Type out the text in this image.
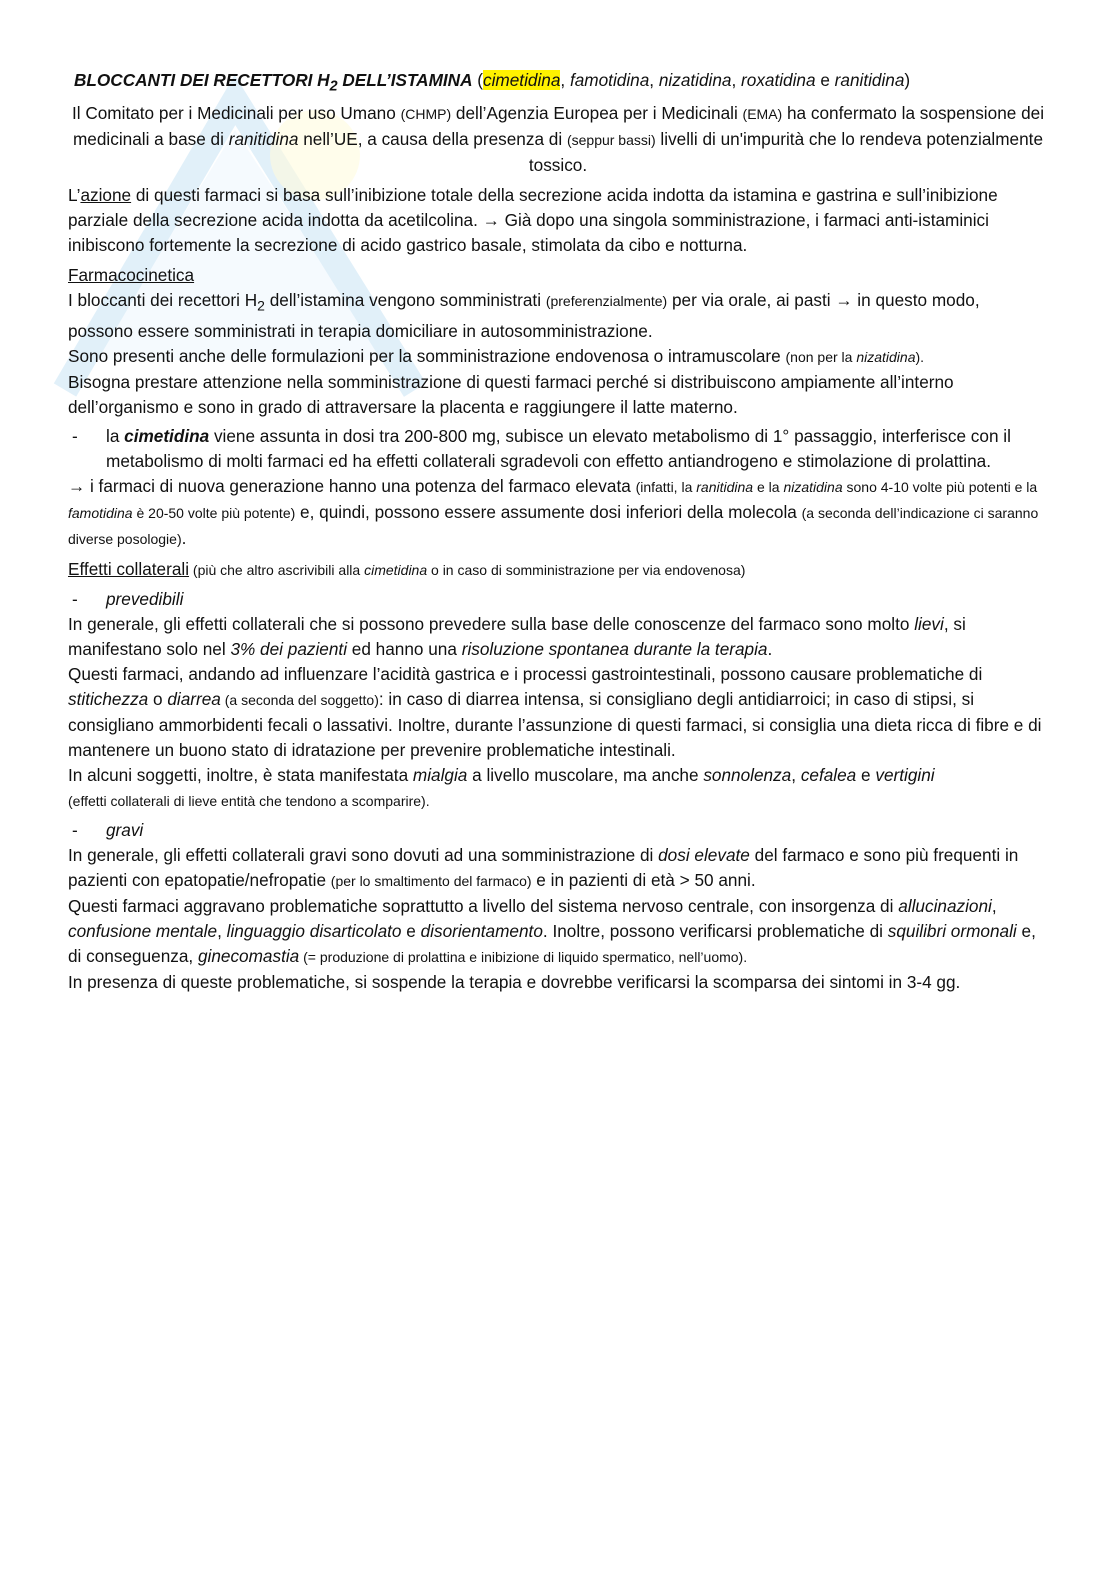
BLOCCANTI DEI RECETTORI $H_2$ DELL’ISTAMINA (cimetidina, famotidina, nizatidina, roxatidina e ranitidina)

Il Comitato per i Medicinali per uso Umano (CHMP) dell’Agenzia Europea per i Medicinali (EMA) ha confermato la sospensione dei medicinali a base di ranitidina nell’UE, a causa della presenza di (seppur bassi) livelli di un'impurità che lo rendeva potenzialmente tossico.

L’azione di questi farmaci si basa sull’inibizione totale della secrezione acida indotta da istamina e gastrina e sull’inibizione parziale della secrezione acida indotta da acetilcolina. → Già dopo una singola somministrazione, i farmaci anti-istaminici inibiscono fortemente la secrezione di acido gastrico basale, stimolata da cibo e notturna.

Farmacocinetica

I bloccanti dei recettori $H_2$ dell’istamina vengono somministrati (preferenzialmente) per via orale, ai pasti → in questo modo, possono essere somministrati in terapia domiciliare in autosomministrazione.

Sono presenti anche delle formulazioni per la somministrazione endovenosa o intramuscolare (non per la nizatidina).

Bisogna prestare attenzione nella somministrazione di questi farmaci perché si distribuiscono ampiamente all’interno dell’organismo e sono in grado di attraversare la placenta e raggiungere il latte materno.

-	la cimetidina viene assunta in dosi tra 200-800 mg, subisce un elevato metabolismo di 1° passaggio, interferisce con il metabolismo di molti farmaci ed ha effetti collaterali sgradevoli con effetto antiandrogeno e stimolazione di prolattina.

→ i farmaci di nuova generazione hanno una potenza del farmaco elevata (infatti, la ranitidina e la nizatidina sono 4-10 volte più potenti e la famotidina è 20-50 volte più potente) e, quindi, possono essere assumente dosi inferiori della molecola (a seconda dell’indicazione ci saranno diverse posologie).

Effetti collaterali (più che altro ascrivibili alla cimetidina o in caso di somministrazione per via endovenosa)

-	prevedibili

In generale, gli effetti collaterali che si possono prevedere sulla base delle conoscenze del farmaco sono molto lievi, si manifestano solo nel 3% dei pazienti ed hanno una risoluzione spontanea durante la terapia.

Questi farmaci, andando ad influenzare l’acidità gastrica e i processi gastrointestinali, possono causare problematiche di stitichezza o diarrea (a seconda del soggetto): in caso di diarrea intensa, si consigliano degli antidiarroici; in caso di stipsi, si consigliano ammorbidenti fecali o lassativi. Inoltre, durante l’assunzione di questi farmaci, si consiglia una dieta ricca di fibre e di mantenere un buono stato di idratazione per prevenire problematiche intestinali.

In alcuni soggetti, inoltre, è stata manifestata mialgia a livello muscolare, ma anche sonnolenza, cefalea e vertigini
(effetti collaterali di lieve entità che tendono a scomparire).

-	gravi

In generale, gli effetti collaterali gravi sono dovuti ad una somministrazione di dosi elevate del farmaco e sono più frequenti in pazienti con epatopatie/nefropatie (per lo smaltimento del farmaco) e in pazienti di età > 50 anni.

Questi farmaci aggravano problematiche soprattutto a livello del sistema nervoso centrale, con insorgenza di allucinazioni, confusione mentale, linguaggio disarticolato e disorientamento. Inoltre, possono verificarsi problematiche di squilibri ormonali e, di conseguenza, ginecomastia (= produzione di prolattina e inibizione di liquido spermatico, nell’uomo).

In presenza di queste problematiche, si sospende la terapia e dovrebbe verificarsi la scomparsa dei sintomi in 3-4 gg.
